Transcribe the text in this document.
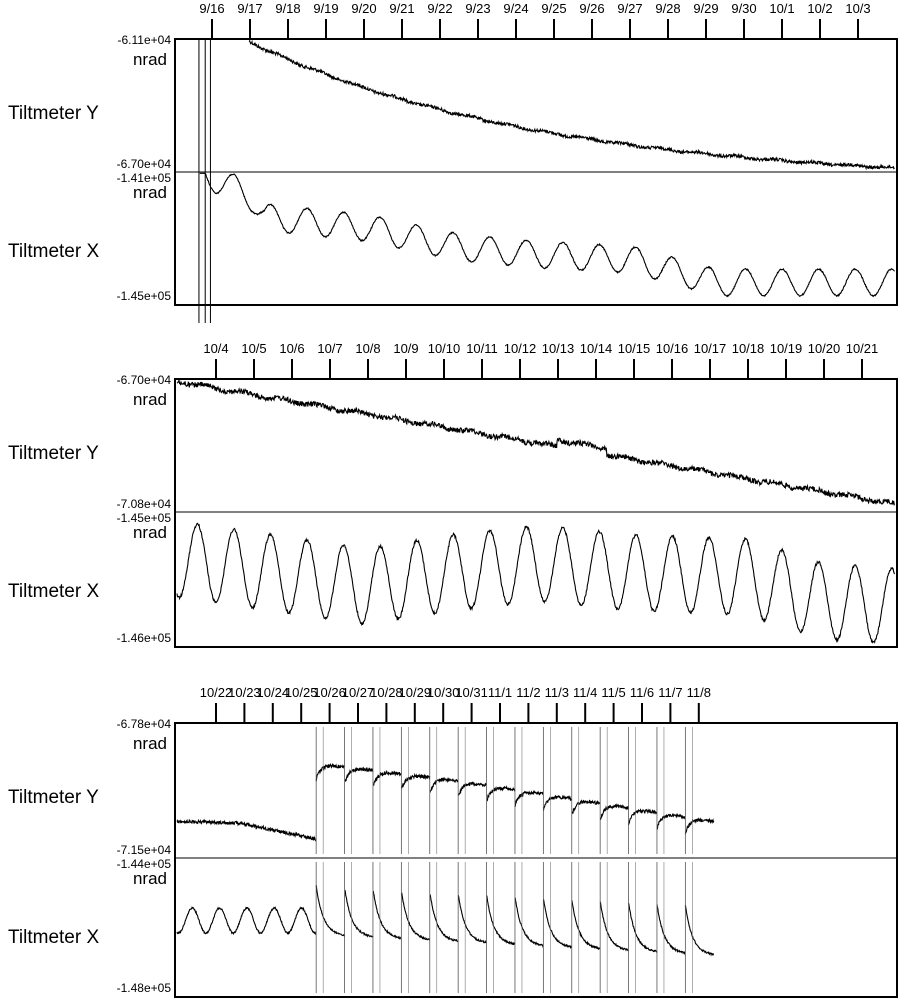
9/16 9/17 9/18 9/19 9/20 9/21 9/22 9/23 9/24 9/25 9/26 9/27 9/28 9/29 9/30 10/1 10/2 10/3
-6.11e+04
-6.70e+04
nrad
Tiltmeter Y
-1.41e+05
-1.45e+05
nrad
Tiltmeter X
10/4 10/5 10/6 10/7 10/8 10/9 10/10 10/11 10/12 10/13 10/14 10/15 10/16 10/17 10/18 10/19 10/20 10/21
-6.70e+04
-7.08e+04
nrad
Tiltmeter Y
-1.45e+05
-1.46e+05
nrad
Tiltmeter X
10/22
10/23
10/24
10/25
10/26
10/27
10/28
10/29
10/30
10/31 11/1 11/2 11/3 11/4 11/5 11/6 11/7 11/8
-6.78e+04
-7.15e+04
nrad
Tiltmeter Y
-1.44e+05
-1.48e+05
nrad
Tiltmeter X
